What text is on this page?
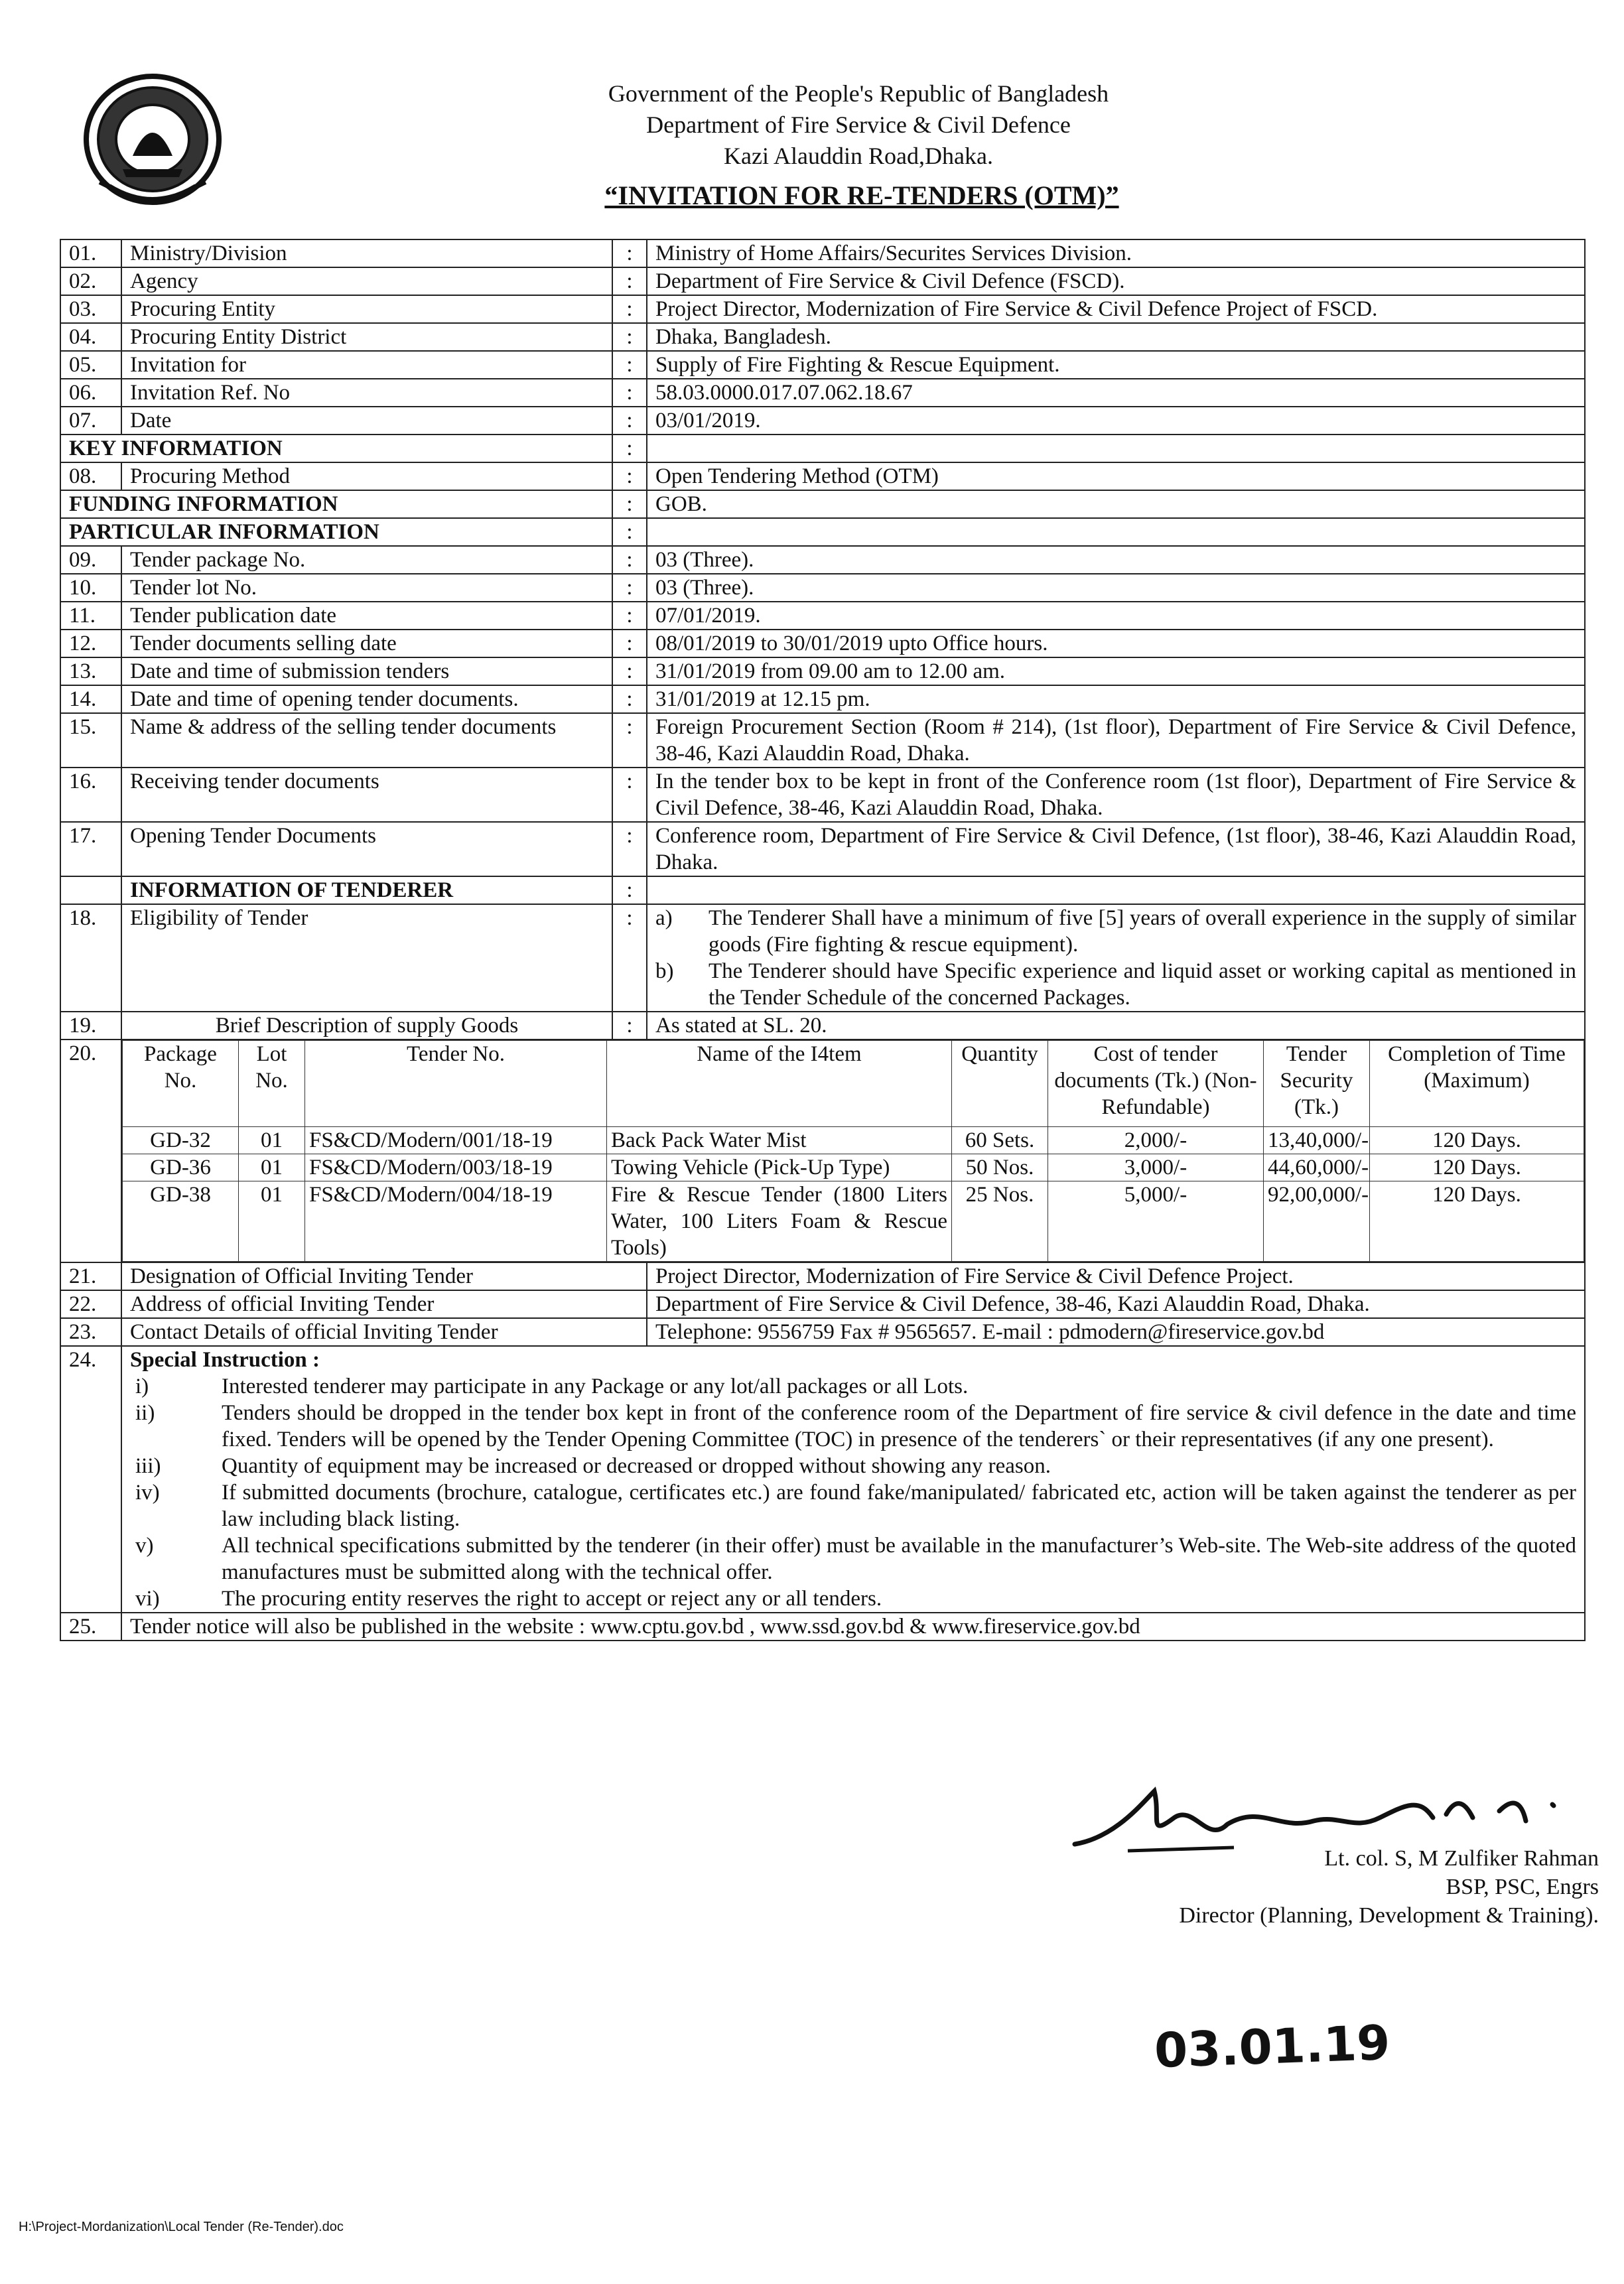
Government of the People's Republic of Bangladesh
Department of Fire Service & Civil Defence
Kazi Alauddin Road,Dhaka.
“INVITATION FOR RE-TENDERS (OTM)”
01.	Ministry/Division	:	Ministry of Home Affairs/Securites Services Division.
02.	Agency	:	Department of Fire Service & Civil Defence (FSCD).
03.	Procuring Entity	:	Project Director, Modernization of Fire Service & Civil Defence Project of FSCD.
04.	Procuring Entity District	:	Dhaka, Bangladesh.
05.	Invitation for	:	Supply of Fire Fighting & Rescue Equipment.
06.	Invitation Ref. No	:	58.03.0000.017.07.062.18.67
07.	Date	:	03/01/2019.
KEY INFORMATION	:	
08.	Procuring Method	:	Open Tendering Method (OTM)
FUNDING INFORMATION	:	GOB.
PARTICULAR INFORMATION	:	
09.	Tender package No.	:	03 (Three).
10.	Tender lot No.	:	03 (Three).
11.	Tender publication date	:	07/01/2019.
12.	Tender documents selling date	:	08/01/2019 to 30/01/2019 upto Office hours.
13.	Date and time of submission tenders	:	31/01/2019 from 09.00 am to 12.00 am.
14.	Date and time of opening tender documents.	:	31/01/2019 at 12.15 pm.
15.	Name & address of the selling tender documents	:	Foreign Procurement Section (Room # 214), (1st floor), Department of Fire Service & Civil Defence, 38-46, Kazi Alauddin Road, Dhaka.
16.	Receiving tender documents	:	In the tender box to be kept in front of the Conference room (1st floor), Department of Fire Service & Civil Defence, 38-46, Kazi Alauddin Road, Dhaka.
17.	Opening Tender Documents	:	Conference room, Department of Fire Service & Civil Defence, (1st floor), 38-46, Kazi Alauddin Road, Dhaka.
	INFORMATION OF TENDERER	:	
18.	Eligibility of Tender	:	a)	The Tenderer Shall have a minimum of five [5] years of overall experience in the supply of similar goods (Fire fighting & rescue equipment).
b)	The Tenderer should have Specific experience and liquid asset or working capital as mentioned in the Tender Schedule of the concerned Packages.

19.	Brief Description of supply Goods	:	As stated at SL. 20.
20.	Package No.	Lot No.	Tender No.	Name of the I4tem	Quantity	Cost of tender documents (Tk.) (Non-Refundable)	Tender Security (Tk.)	Completion of Time (Maximum)
GD-32	01	FS&CD/Modern/001/18-19	Back Pack Water Mist	60 Sets.	2,000/-	13,40,000/-	120 Days.
GD-36	01	FS&CD/Modern/003/18-19	Towing Vehicle (Pick-Up Type)	50 Nos.	3,000/-	44,60,000/-	120 Days.
GD-38	01	FS&CD/Modern/004/18-19	Fire & Rescue Tender (1800 Liters Water, 100 Liters Foam & Rescue Tools)	25 Nos.	5,000/-	92,00,000/-	120 Days.

21.	Designation of Official Inviting Tender	Project Director, Modernization of Fire Service & Civil Defence Project.
22.	Address of official Inviting Tender	Department of Fire Service & Civil Defence, 38-46, Kazi Alauddin Road, Dhaka.
23.	Contact Details of official Inviting Tender	Telephone: 9556759 Fax # 9565657. E-mail : pdmodern@fireservice.gov.bd
24.	Special Instruction :
i)	Interested tenderer may participate in any Package or any lot/all packages or all Lots.
ii)	Tenders should be dropped in the tender box kept in front of the conference room of the Department of fire service & civil defence in the date and time fixed. Tenders will be opened by the Tender Opening Committee (TOC) in presence of the tenderers` or their representatives (if any one present).
iii)	Quantity of equipment may be increased or decreased or dropped without showing any reason.
iv)	If submitted documents (brochure, catalogue, certificates etc.) are found fake/manipulated/ fabricated etc, action will be taken against the tenderer as per law including black listing.
v)	All technical specifications submitted by the tenderer (in their offer) must be available in the manufacturer’s Web-site. The Web-site address of the quoted manufactures must be submitted along with the technical offer.
vi)	The procuring entity reserves the right to accept or reject any or all tenders.

25.	Tender notice will also be published in the website : www.cptu.gov.bd , www.ssd.gov.bd & www.fireservice.gov.bd
Lt. col. S, M Zulfiker Rahman
BSP, PSC, Engrs
Director (Planning, Development & Training).
03.01.19
H:\Project-Mordanization\Local Tender (Re-Tender).doc
